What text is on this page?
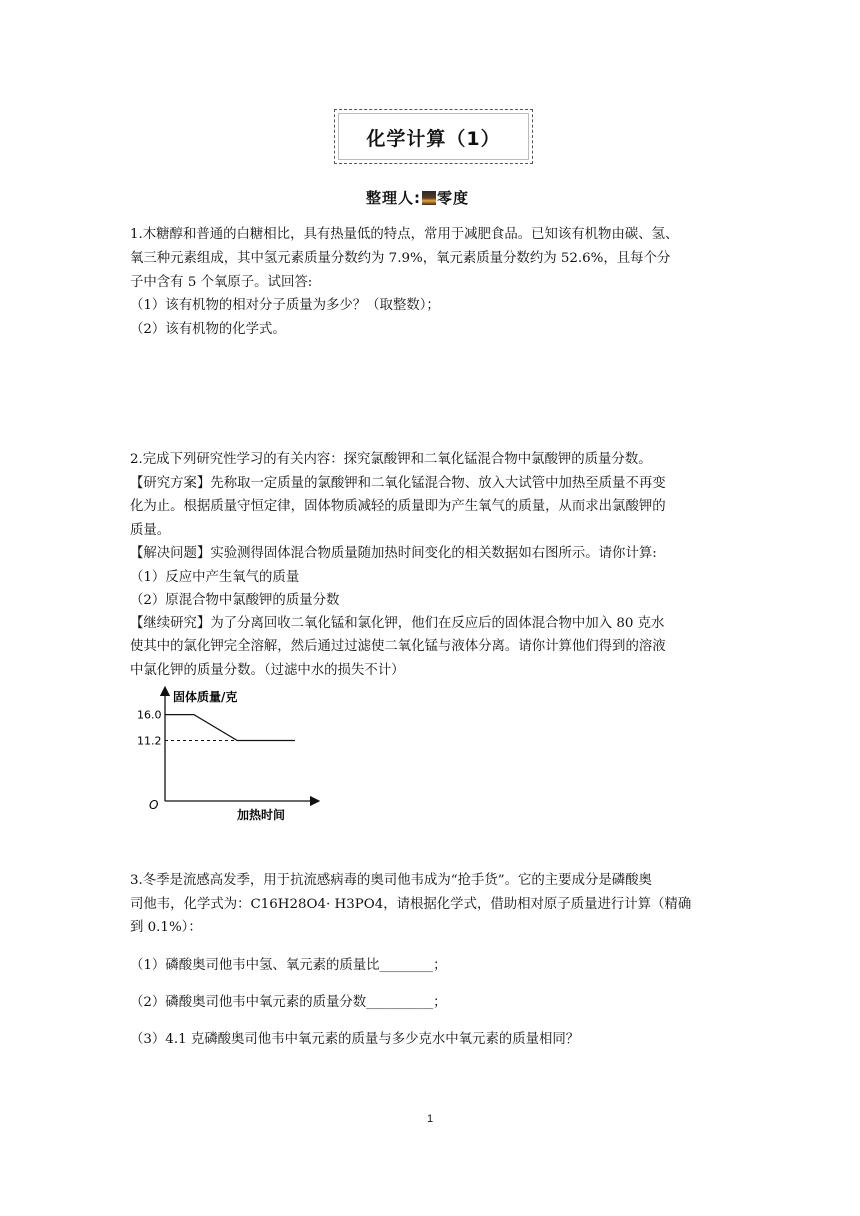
化学计算（1）
整理人: 零度
1.木糖醇和普通的白糖相比，具有热量低的特点，常用于减肥食品。已知该有机物由碳、氢、
氧三种元素组成，其中氢元素质量分数约为 7.9%，氧元素质量分数约为 52.6%，且每个分
子中含有 5 个氧原子。试回答:
（1）该有机物的相对分子质量为多少？（取整数）；
（2）该有机物的化学式。
2.完成下列研究性学习的有关内容：探究氯酸钾和二氧化锰混合物中氯酸钾的质量分数。
【研究方案】先称取一定质量的氯酸钾和二氧化锰混合物、放入大试管中加热至质量不再变
化为止。根据质量守恒定律，固体物质减轻的质量即为产生氧气的质量，从而求出氯酸钾的
质量。
【解决问题】实验测得固体混合物质量随加热时间变化的相关数据如右图所示。请你计算:
（1）反应中产生氧气的质量
（2）原混合物中氯酸钾的质量分数
【继续研究】为了分离回收二氧化锰和氯化钾，他们在反应后的固体混合物中加入 80 克水
使其中的氯化钾完全溶解，然后通过过滤使二氧化锰与液体分离。请你计算他们得到的溶液
中氯化钾的质量分数。（过滤中水的损失不计）
固体质量/克
加热时间
O
16.0
11.2
3.冬季是流感高发季，用于抗流感病毒的奥司他韦成为“抢手货”。它的主要成分是磷酸奥
司他韦，化学式为：C16H28O4· H3PO4，请根据化学式，借助相对原子质量进行计算（精确
到 0.1%）：
（1）磷酸奥司他韦中氢、氧元素的质量比________；
（2）磷酸奥司他韦中氧元素的质量分数__________；
（3）4.1 克磷酸奥司他韦中氧元素的质量与多少克水中氧元素的质量相同？
1
